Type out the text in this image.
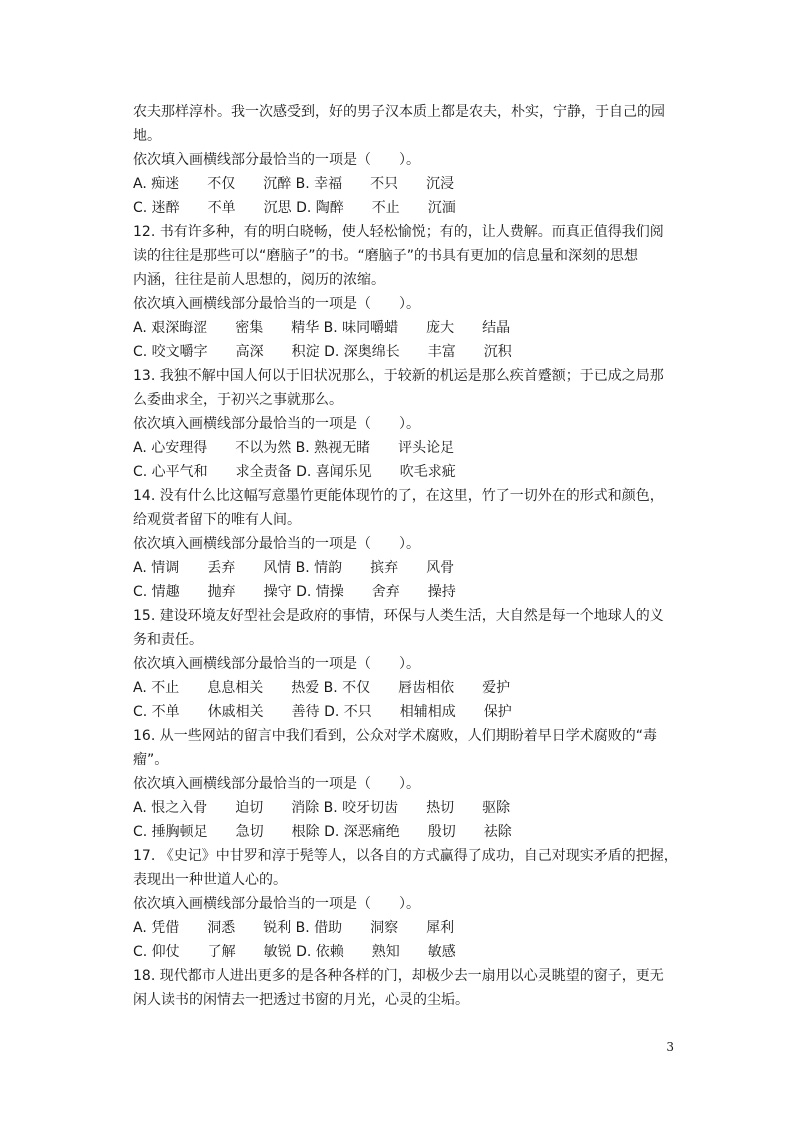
农夫那样淳朴。我一次感受到，好的男子汉本质上都是农夫，朴实，宁静，于自己的园
地。
依次填入画横线部分最恰当的一项是（　　）。
A. 痴迷　　不仅　　沉醉 B. 幸福　　不只　　沉浸
C. 迷醉　　不单　　沉思 D. 陶醉　　不止　　沉湎
12. 书有许多种，有的明白晓畅，使人轻松愉悦；有的，让人费解。而真正值得我们阅
读的往往是那些可以“磨脑子”的书。“磨脑子”的书具有更加的信息量和深刻的思想
内涵，往往是前人思想的，阅历的浓缩。
依次填入画横线部分最恰当的一项是（　　）。
A. 艰深晦涩　　密集　　精华 B. 味同嚼蜡　　庞大　　结晶
C. 咬文嚼字　　高深　　积淀 D. 深奥绵长　　丰富　　沉积
13. 我独不解中国人何以于旧状况那么，于较新的机运是那么疾首蹙额；于已成之局那
么委曲求全，于初兴之事就那么。
依次填入画横线部分最恰当的一项是（　　）。
A. 心安理得　　不以为然 B. 熟视无睹　　评头论足
C. 心平气和　　求全责备 D. 喜闻乐见　　吹毛求疵
14. 没有什么比这幅写意墨竹更能体现竹的了，在这里，竹了一切外在的形式和颜色，
给观赏者留下的唯有人间。
依次填入画横线部分最恰当的一项是（　　）。
A. 情调　　丢弃　　风情 B. 情韵　　摈弃　　风骨
C. 情趣　　抛弃　　操守 D. 情操　　舍弃　　操持
15. 建设环境友好型社会是政府的事情，环保与人类生活，大自然是每一个地球人的义
务和责任。
依次填入画横线部分最恰当的一项是（　　）。
A. 不止　　息息相关　　热爱 B. 不仅　　唇齿相依　　爱护
C. 不单　　休戚相关　　善待 D. 不只　　相辅相成　　保护
16. 从一些网站的留言中我们看到，公众对学术腐败，人们期盼着早日学术腐败的“毒
瘤”。
依次填入画横线部分最恰当的一项是（　　）。
A. 恨之入骨　　迫切　　消除 B. 咬牙切齿　　热切　　驱除
C. 捶胸顿足　　急切　　根除 D. 深恶痛绝　　殷切　　祛除
17. 《史记》中甘罗和淳于髡等人，以各自的方式赢得了成功，自己对现实矛盾的把握，
表现出一种世道人心的。
依次填入画横线部分最恰当的一项是（　　）。
A. 凭借　　洞悉　　锐利 B. 借助　　洞察　　犀利
C. 仰仗　　了解　　敏锐 D. 依赖　　熟知　　敏感
18. 现代都市人进出更多的是各种各样的门，却极少去一扇用以心灵眺望的窗子，更无
闲人读书的闲情去一把透过书窗的月光，心灵的尘垢。
3
